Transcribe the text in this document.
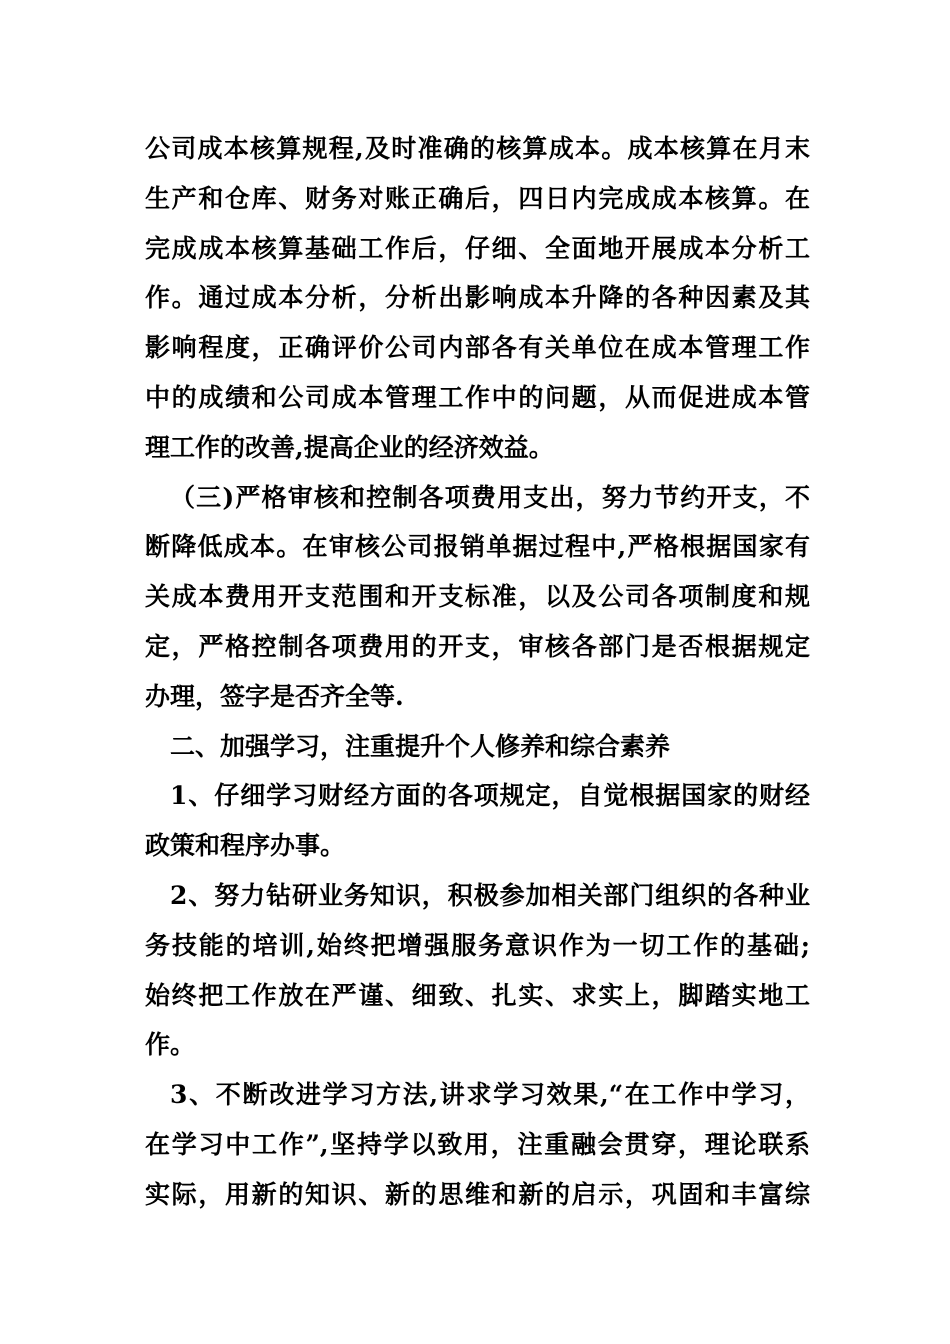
公司成本核算规程,及时准确的核算成本。成本核算在月末
生产和仓库、财务对账正确后，四日内完成成本核算。在
完成成本核算基础工作后，仔细、全面地开展成本分析工
作。通过成本分析，分析出影响成本升降的各种因素及其
影响程度，正确评价公司内部各有关单位在成本管理工作
中的成绩和公司成本管理工作中的问题，从而促进成本管
理工作的改善,提高企业的经济效益。
（三)严格审核和控制各项费用支出，努力节约开支，不
断降低成本。在审核公司报销单据过程中,严格根据国家有
关成本费用开支范围和开支标准，以及公司各项制度和规
定，严格控制各项费用的开支，审核各部门是否根据规定
办理，签字是否齐全等.
二、加强学习，注重提升个人修养和综合素养
1、仔细学习财经方面的各项规定，自觉根据国家的财经
政策和程序办事。
2、努力钻研业务知识，积极参加相关部门组织的各种业
务技能的培训,始终把增强服务意识作为一切工作的基础;
始终把工作放在严谨、细致、扎实、求实上，脚踏实地工
作。
3、不断改进学习方法,讲求学习效果,“在工作中学习，
在学习中工作”,坚持学以致用，注重融会贯穿，理论联系
实际，用新的知识、新的思维和新的启示，巩固和丰富综
